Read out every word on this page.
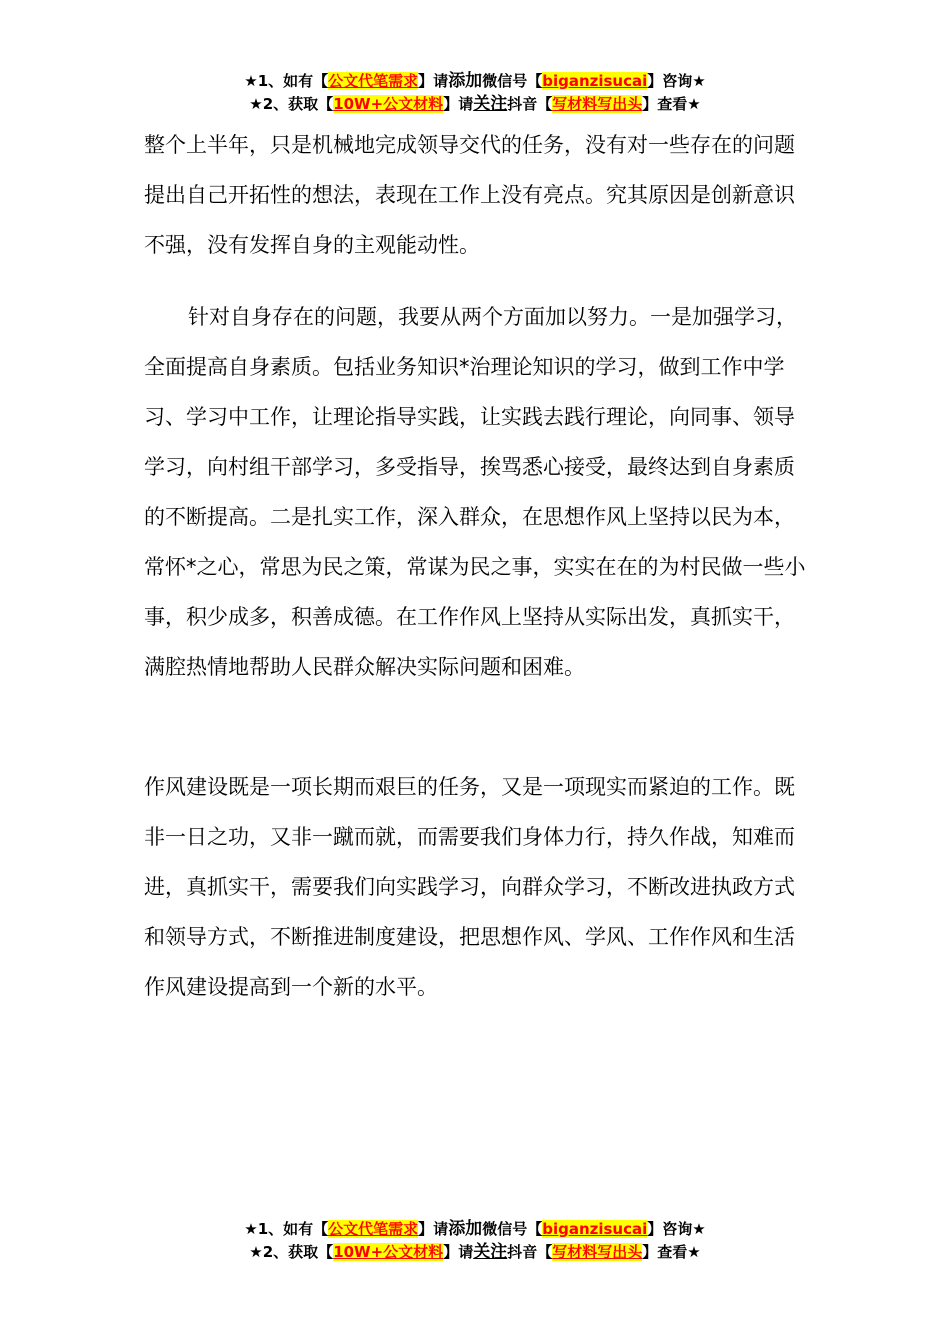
★1、如有【公文代笔需求】请添加微信号【biganzisucai】咨询★
★2、获取【10W+公文材料】请关注抖音【写材料写出头】查看★

整个上半年，只是机械地完成领导交代的任务，没有对一些存在的问题提出自己开拓性的想法，表现在工作上没有亮点。究其原因是创新意识不强，没有发挥自身的主观能动性。

针对自身存在的问题，我要从两个方面加以努力。一是加强学习，全面提高自身素质。包括业务知识*治理论知识的学习，做到工作中学习、学习中工作，让理论指导实践，让实践去践行理论，向同事、领导学习，向村组干部学习，多受指导，挨骂悉心接受，最终达到自身素质的不断提高。二是扎实工作，深入群众，在思想作风上坚持以民为本，常怀*之心，常思为民之策，常谋为民之事，实实在在的为村民做一些小事，积少成多，积善成德。在工作作风上坚持从实际出发，真抓实干，满腔热情地帮助人民群众解决实际问题和困难。

作风建设既是一项长期而艰巨的任务，又是一项现实而紧迫的工作。既非一日之功，又非一蹴而就，而需要我们身体力行，持久作战，知难而进，真抓实干，需要我们向实践学习，向群众学习，不断改进执政方式和领导方式，不断推进制度建设，把思想作风、学风、工作作风和生活作风建设提高到一个新的水平。

★1、如有【公文代笔需求】请添加微信号【biganzisucai】咨询★
★2、获取【10W+公文材料】请关注抖音【写材料写出头】查看★
